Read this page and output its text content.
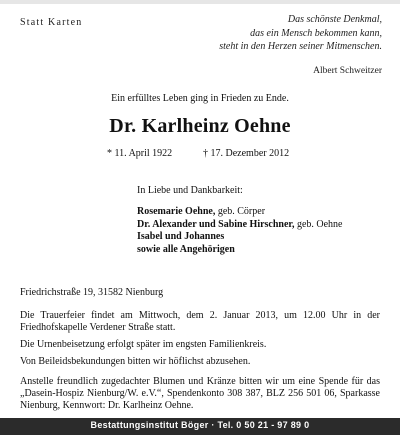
Statt Karten	Das schönste Denkmal,
das ein Mensch bekommen kann,
steht in den Herzen seiner Mitmenschen.
Albert Schweitzer
Ein erfülltes Leben ging in Frieden zu Ende.
Dr. Karlheinz Oehne
* 11. April 1922	† 17. Dezember 2012
In Liebe und Dankbarkeit:
Rosemarie Oehne, geb. Cörper
Dr. Alexander und Sabine Hirschner, geb. Oehne
Isabel und Johannes
sowie alle Angehörigen
Friedrichstraße 19, 31582 Nienburg
Die Trauerfeier findet am Mittwoch, dem 2. Januar 2013, um 12.00 Uhr in der Friedhofskapelle Verdener Straße statt.
Die Urnenbeisetzung erfolgt später im engsten Familienkreis.
Von Beileidsbekundungen bitten wir höflichst abzusehen.
Anstelle freundlich zugedachter Blumen und Kränze bitten wir um eine Spende für das „Dasein-Hospiz Nienburg/W. e.V.“, Spendenkonto 308 387, BLZ 256 501 06, Sparkasse Nienburg, Kennwort: Dr. Karlheinz Oehne.
Bestattungsinstitut Böger · Tel. 0 50 21 - 97 89 0
